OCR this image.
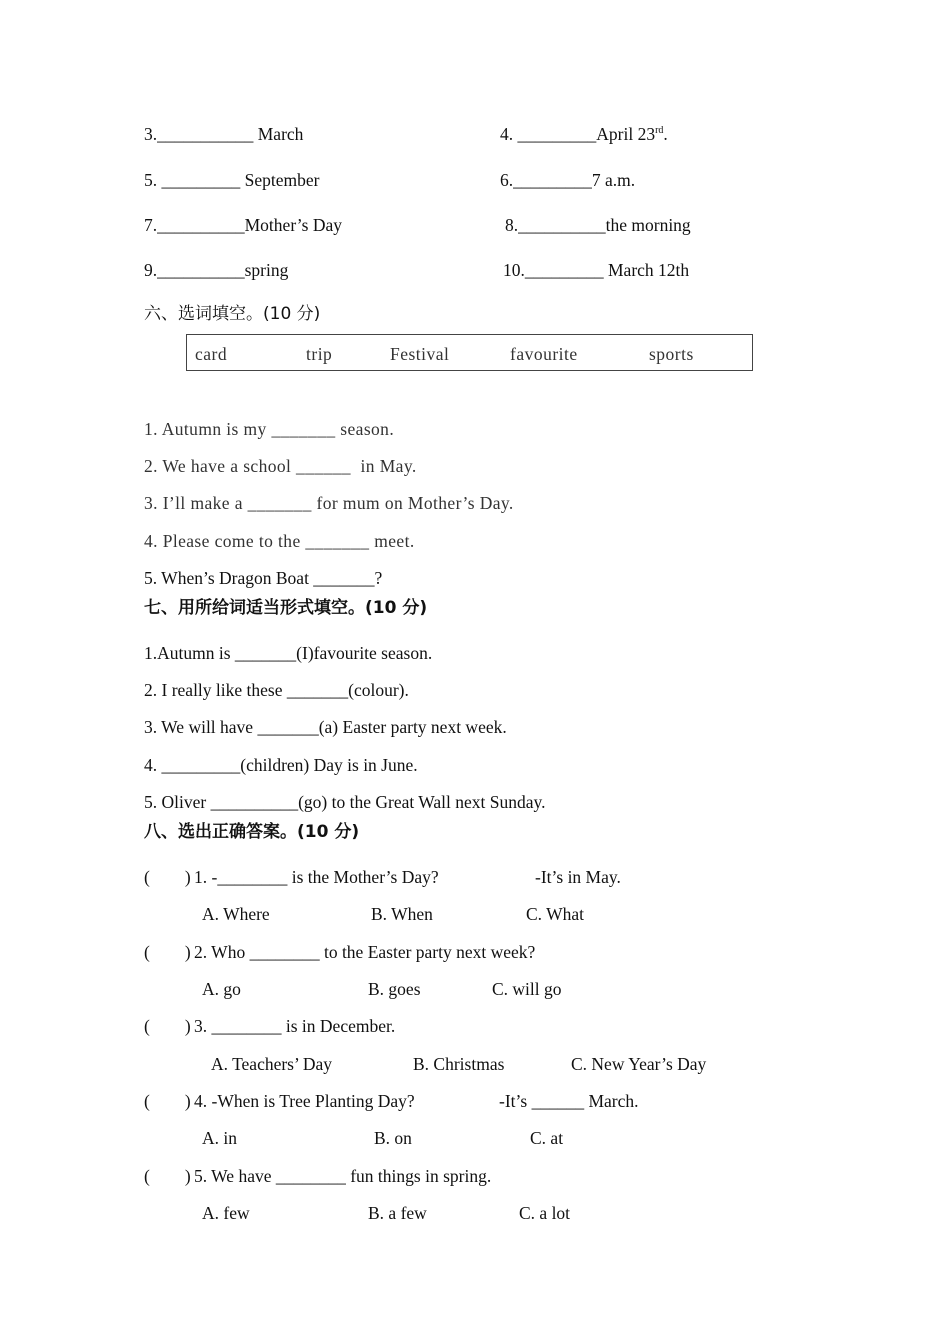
3.___________ March	4. _________April 23rd.
5. _________ September	6._________7 a.m.
7.__________Mother’s Day	8.__________the morning
9.__________spring	10._________ March 12th
六、选词填空。(10 分)
card	trip	Festival	favourite	sports
1. Autumn is my _______ season.
2. We have a school ______  in May.
3. I’ll make a _______ for mum on Mother’s Day.
4. Please come to the _______ meet.
5. When’s Dragon Boat _______?
七、用所给词适当形式填空。(10 分)
1.Autumn is _______(I)favourite season.
2. I really like these _______(colour).
3. We will have _______(a) Easter party next week.
4. _________(children) Day is in June.
5. Oliver __________(go) to the Great Wall next Sunday.
八、选出正确答案。(10 分)
(        ) 1. -________ is the Mother’s Day?	-It’s in May.
A. Where	B. When	C. What
(        ) 2. Who ________ to the Easter party next week?
A. go	B. goes	C. will go
(        ) 3. ________ is in December.
A. Teachers’ Day	B. Christmas	C. New Year’s Day
(        ) 4. -When is Tree Planting Day?	-It’s ______ March.
A. in	B. on	C. at
(        ) 5. We have ________ fun things in spring.
A. few	B. a few	C. a lot
